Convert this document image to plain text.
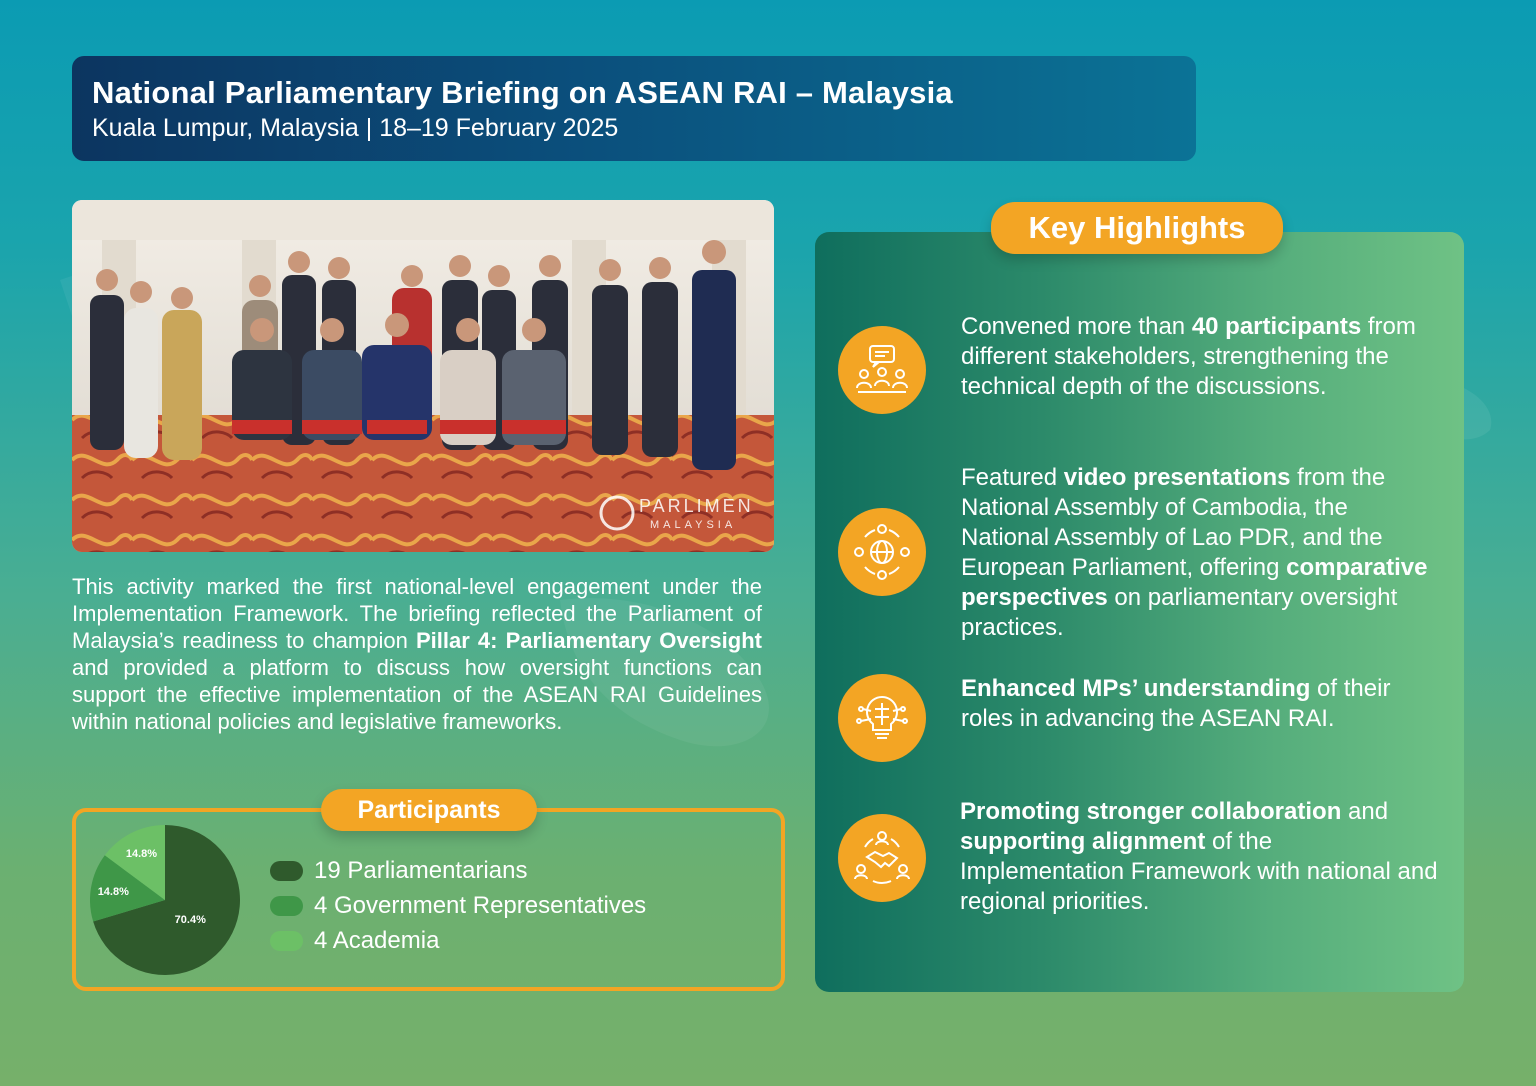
National Parliamentary Briefing on ASEAN RAI – Malaysia
Kuala Lumpur, Malaysia | 18–19 February 2025
PARLIMEN
MALAYSIA
This activity marked the first national-level engagement under the Implementation Framework. The briefing reflected the Parliament of Malaysia’s readiness to champion Pillar 4: Parliamentary Oversight and provided a platform to discuss how oversight functions can support the effective implementation of the ASEAN RAI Guidelines within national policies and legislative frameworks.
Participants
70.4%
14.8%
14.8%
19 Parliamentarians
4 Government Representatives
4 Academia
Key Highlights
Convened more than 40 participants from different stakeholders, strengthening the technical depth of the discussions.
Featured video presentations from the National Assembly of Cambodia, the National Assembly of Lao PDR, and the European Parliament, offering comparative perspectives on parliamentary oversight practices.
Enhanced MPs’ understanding of their roles in advancing the ASEAN RAI.
Promoting stronger collaboration and supporting alignment of the Implementation Framework with national and regional priorities.
